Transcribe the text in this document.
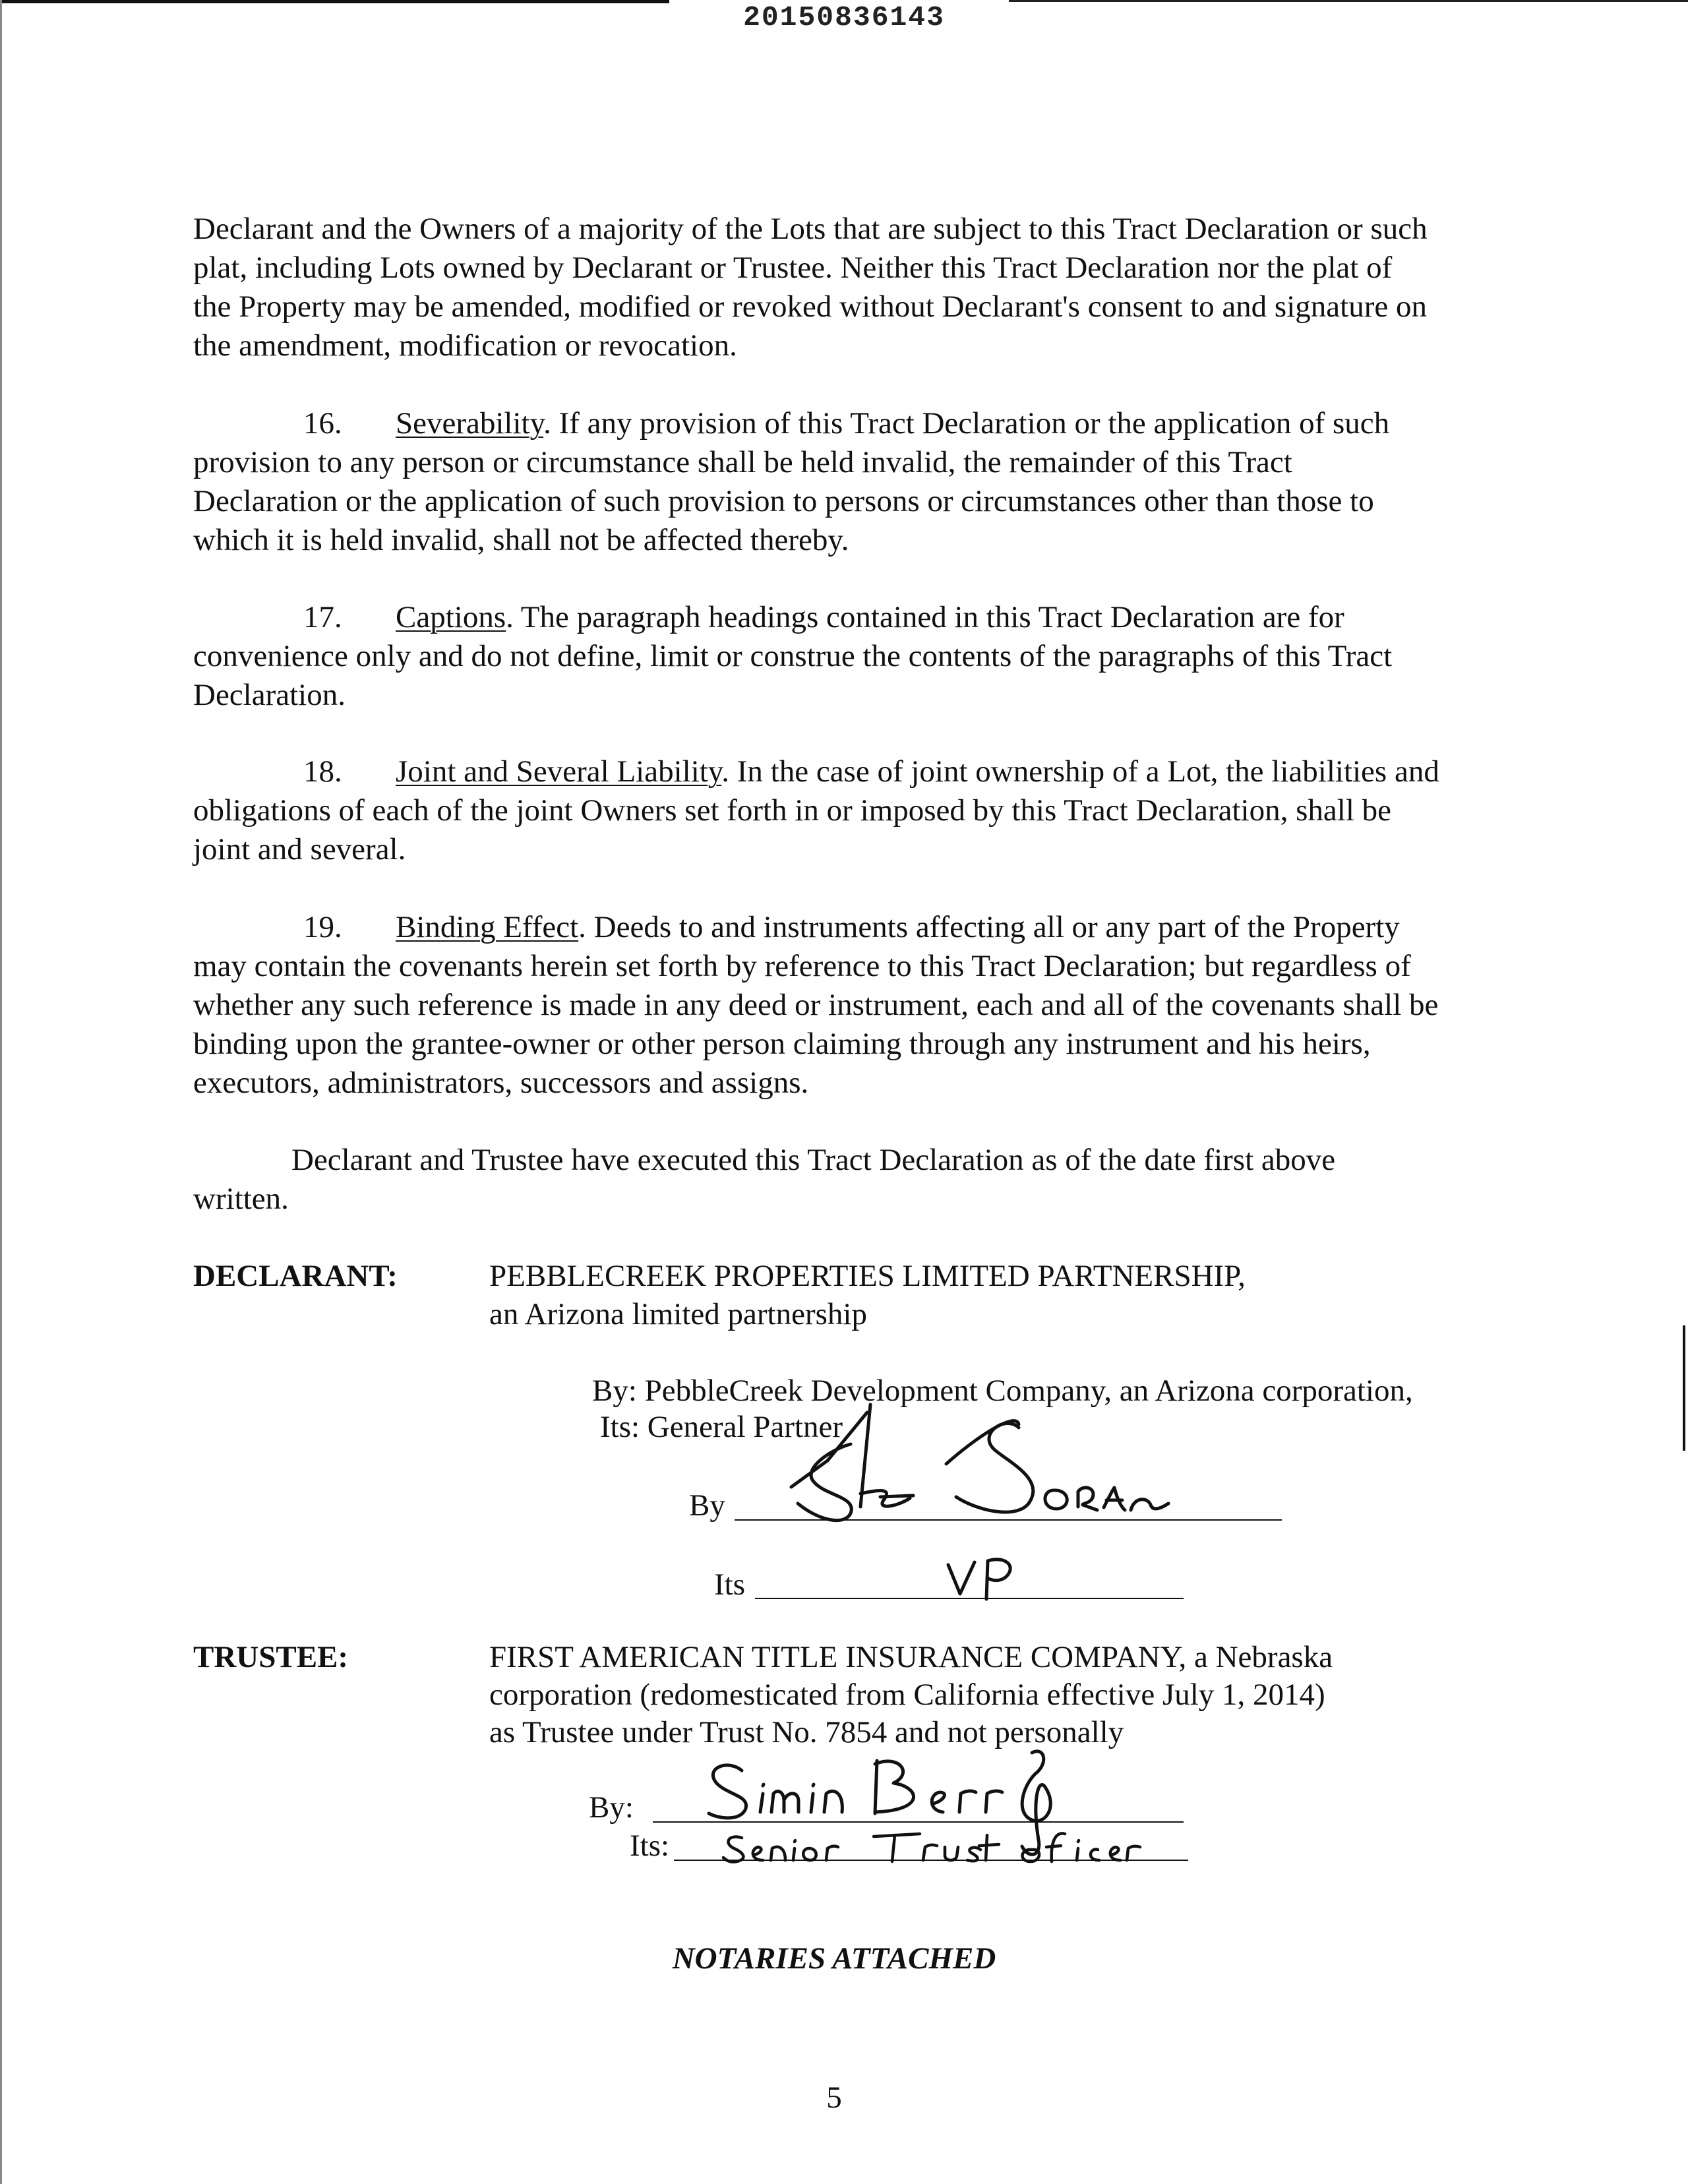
20150836143
Declarant and the Owners of a majority of the Lots that are subject to this Tract Declaration or such
plat, including Lots owned by Declarant or Trustee. Neither this Tract Declaration nor the plat of
the Property may be amended, modified or revoked without Declarant's consent to and signature on
the amendment, modification or revocation.
16. Severability. If any provision of this Tract Declaration or the application of such
provision to any person or circumstance shall be held invalid, the remainder of this Tract
Declaration or the application of such provision to persons or circumstances other than those to
which it is held invalid, shall not be affected thereby.
17. Captions. The paragraph headings contained in this Tract Declaration are for
convenience only and do not define, limit or construe the contents of the paragraphs of this Tract
Declaration.
18. Joint and Several Liability. In the case of joint ownership of a Lot, the liabilities and
obligations of each of the joint Owners set forth in or imposed by this Tract Declaration, shall be
joint and several.
19. Binding Effect. Deeds to and instruments affecting all or any part of the Property
may contain the covenants herein set forth by reference to this Tract Declaration; but regardless of
whether any such reference is made in any deed or instrument, each and all of the covenants shall be
binding upon the grantee-owner or other person claiming through any instrument and his heirs,
executors, administrators, successors and assigns.
Declarant and Trustee have executed this Tract Declaration as of the date first above
written.
DECLARANT:	PEBBLECREEK PROPERTIES LIMITED PARTNERSHIP,
an Arizona limited partnership
By: PebbleCreek Development Company, an Arizona corporation,
Its: General Partner
By
Its
TRUSTEE:	FIRST AMERICAN TITLE INSURANCE COMPANY, a Nebraska
corporation (redomesticated from California effective July 1, 2014)
as Trustee under Trust No. 7854 and not personally
By:
Its:
NOTARIES ATTACHED
5
